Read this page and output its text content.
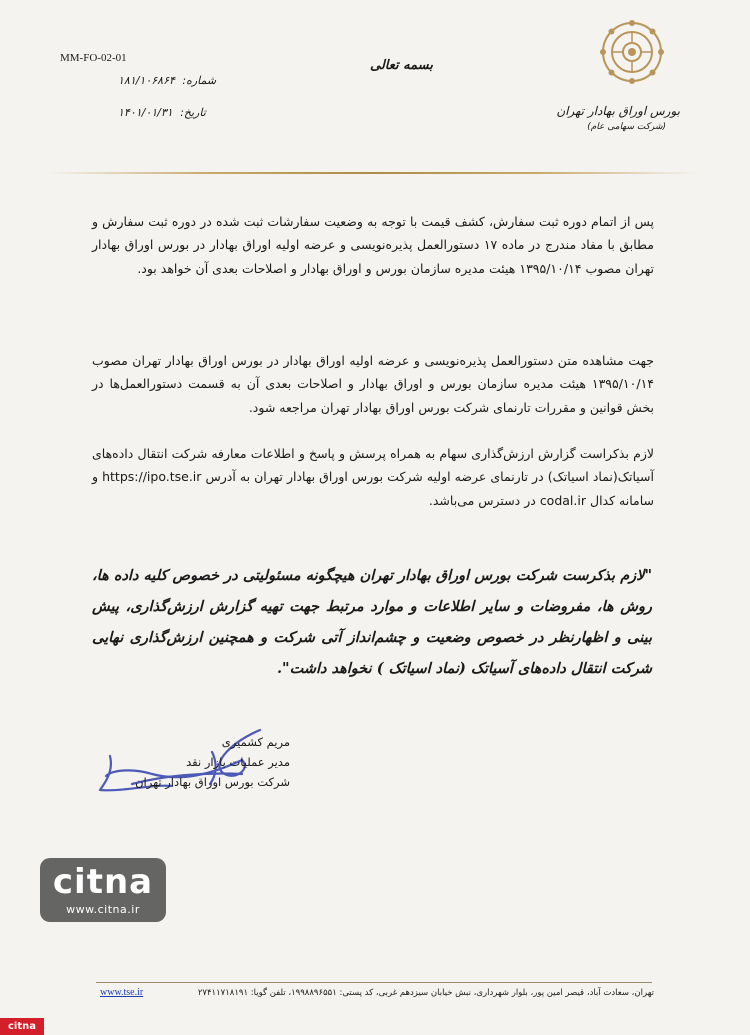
بورس اوراق بهادار تهران
(شرکت سهامی عام)
بسمه تعالی
MM-FO-02-01
شماره: ۱۸۱/۱۰۶۸۶۴
تاریخ: ۱۴۰۱/۰۱/۳۱
پس از اتمام دوره ثبت سفارش، کشف قیمت با توجه به وضعیت سفارشات ثبت شده در دوره ثبت سفارش و مطابق با مفاد مندرج در ماده ۱۷ دستورالعمل پذیره‌نویسی و عرضه اولیه اوراق بهادار در بورس اوراق بهادار تهران مصوب ۱۳۹۵/۱۰/۱۴ هیئت مدیره سازمان بورس و اوراق بهادار و اصلاحات بعدی آن خواهد بود.
جهت مشاهده متن دستورالعمل پذیره‌نویسی و عرضه اولیه اوراق بهادار در بورس اوراق بهادار تهران مصوب ۱۳۹۵/۱۰/۱۴ هیئت مدیره سازمان بورس و اوراق بهادار و اصلاحات بعدی آن به قسمت دستورالعمل‌ها در بخش قوانین و مقررات تارنمای شرکت بورس اوراق بهادار تهران مراجعه شود.
لازم بذکراست گزارش ارزش‌گذاری سهام به همراه پرسش و پاسخ و اطلاعات معارفه شرکت انتقال داده‌های آسیاتک(نماد اسیاتک) در تارنمای عرضه اولیه شرکت بورس اوراق بهادار تهران به آدرس https://ipo.tse.ir و سامانه کدال codal.ir در دسترس می‌باشد.
"لازم بذکرست شرکت بورس اوراق بهادار تهران هیچگونه مسئولیتی در خصوص کلیه داده ها، روش ها، مفروضات و سایر اطلاعات و موارد مرتبط جهت تهیه گزارش ارزش‌گذاری، پیش بینی و اظهارنظر در خصوص وضعیت و چشم‌انداز آتی شرکت و همچنین ارزش‌گذاری نهایی شرکت انتقال داده‌های آسیاتک (نماد اسیاتک ) نخواهد داشت".
مریم کشمیری
مدیر عملیات بازار نقد
شرکت بورس اوراق بهادار تهران
citna
www.citna.ir
تهران، سعادت آباد، قیصر امین پور، بلوار شهرداری، نبش خیابان سیزدهم غربی، کد پستی: ۱۹۹۸۸۹۶۵۵۱، تلفن گویا: ۲۷۴۱۱۷۱۸۱۹۱
www.tse.ir
citna
